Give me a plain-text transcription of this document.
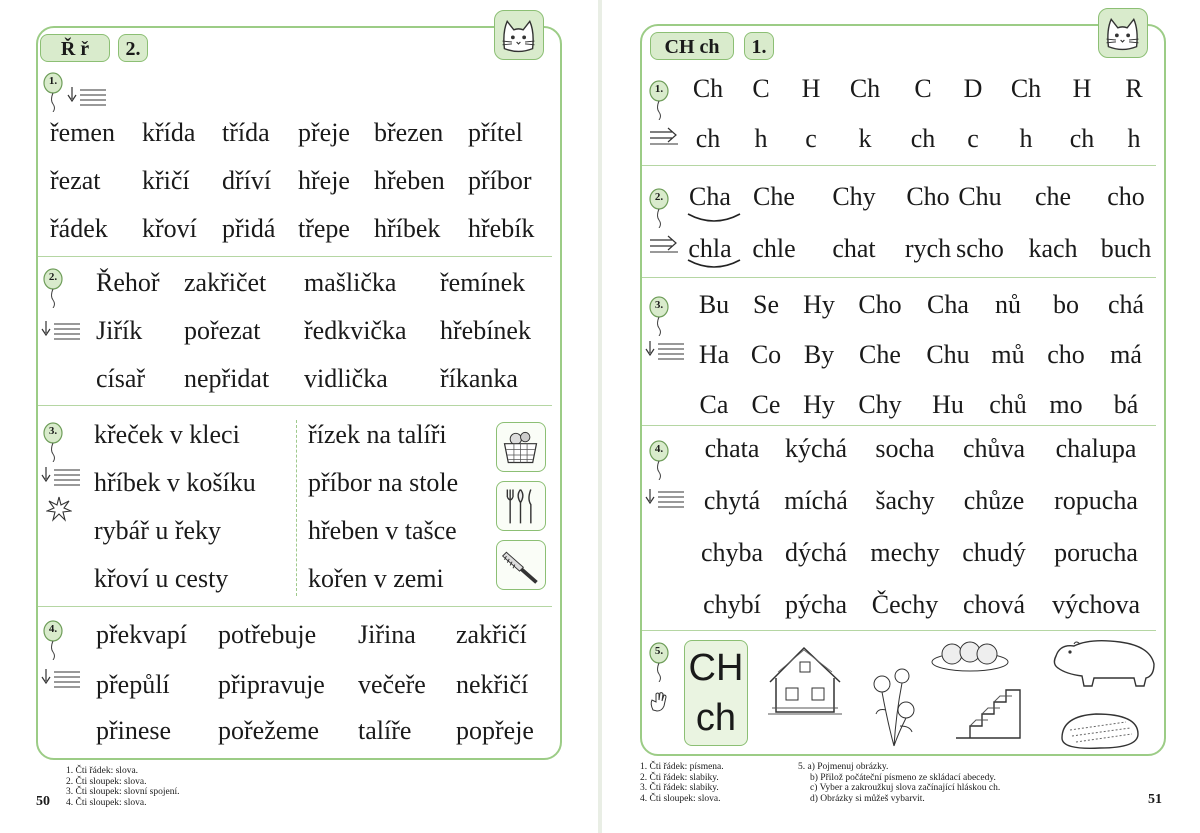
Ř ř	2.
1.
řemen křída třída přeje březen přítel
řezat křičí dříví hřeje hřeben příbor
řádek křoví přidá třepe hříbek hřebík
2. Řehoř zakřičet mašlička řemínek
Jiřík pořezat ředkvička hřebínek
císař nepřidat vidlička říkanka
3. křeček v kleci
hříbek v košíku
rybář u řeky
křoví u cesty
řízek na talíři
příbor na stole
hřeben v tašce
kořen v zemi
4. překvapí potřebuje Jiřina zakřičí
přepůlí připravuje večeře nekřičí
přinese pořežeme talíře popřeje
1. Čti řádek: slova.
2. Čti sloupek: slova.
3. Čti sloupek: slovní spojení.
4. Čti sloupek: slova.
50
CH ch	1.
1.	Ch	C	H	Ch	C	D	Ch	H	R
ch	h	c	k	ch	c	h	ch	h
2. Cha Che	Chy	Cho Chu	che	cho
chla chle	chat	rych scho kach buch
3.	Bu Se Hy Cho Cha	nů	bo	chá
Ha Co By Che Chu mů cho má
Ca Ce Hy Chy	Hu chů mo	bá
4.	chata kýchá	socha	chůva	chalupa
chytá míchá	šachy	chůze	ropucha
chyba dýchá mechy chudý	porucha
chybí pýcha Čechy chová	výchova
CH
ch
5.
1. Čti řádek: písmena.
2. Čti řádek: slabiky.
3. Čti řádek: slabiky.
4. Čti sloupek: slova.
5. a) Pojmenuj obrázky.
b) Přilož počáteční písmeno ze skládací abecedy.
c) Vyber a zakroužkuj slova začínající hláskou ch.
d) Obrázky si můžeš vybarvit.	51
